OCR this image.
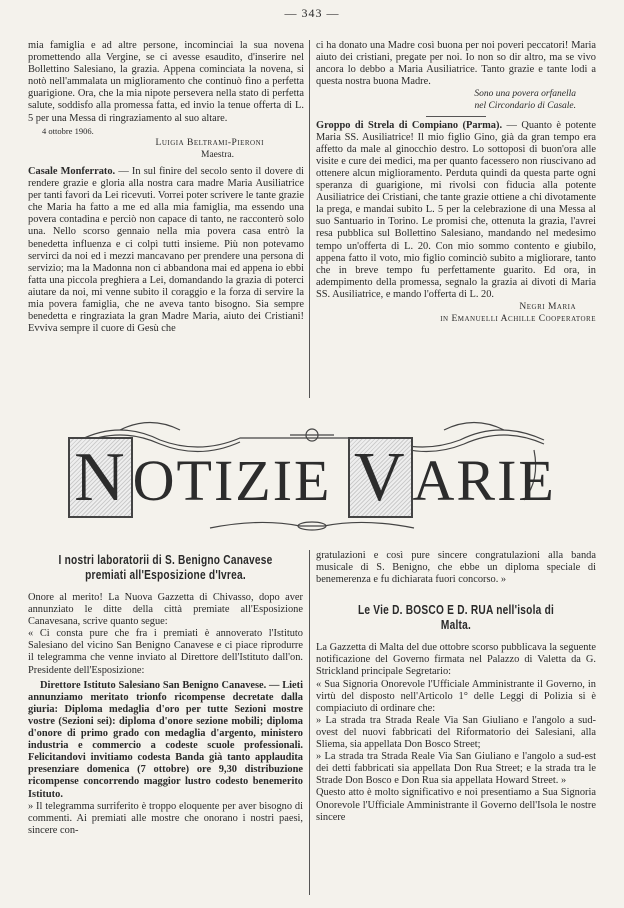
— 343 —

mia famiglia e ad altre persone, incominciai la sua novena promettendo alla Vergine, se ci avesse esaudito, d'inserire nel Bollettino Salesiano, la grazia. Appena cominciata la novena, si notò nell'ammalata un miglioramento che continuò fino a perfetta guarigione. Ora, che la mia nipote persevera nella stato di perfetta salute, soddisfo alla promessa fatta, ed invio la tenue offerta di L. 5 per una Messa di ringraziamento al suo altare.

4 ottobre 1906.
Luigia Beltrami-Pieroni
Maestra.

Casale Monferrato. — In sul finire del secolo sento il dovere di rendere grazie e gloria alla nostra cara madre Maria Ausiliatrice per tanti favori da Lei ricevuti. Vorrei poter scrivere le tante grazie che Maria ha fatto a me ed alla mia famiglia, ma essendo una povera contadina e perciò non capace di tanto, ne racconterò solo una. Nello scorso gennaio nella mia povera casa entrò la benedetta influenza e ci colpì tutti insieme. Più non potevamo servirci da noi ed i mezzi mancavano per prendere una persona di servizio; ma la Madonna non ci abbandona mai ed appena io ebbi fatta una piccola preghiera a Lei, domandando la grazia di poterci aiutare da noi, mi venne subito il coraggio e la forza di servire la mia povera famiglia, che ne aveva tanto bisogno. Sia sempre benedetta e ringraziata la gran Madre Maria, aiuto dei Cristiani! Evviva sempre il cuore di Gesù che

ci ha donato una Madre così buona per noi poveri peccatori! Maria aiuto dei cristiani, pregate per noi. Io non so dir altro, ma se vivo ancora lo debbo a Maria Ausiliatrice. Tanto grazie e tante lodi a questa nostra buona Madre.

Sono una povera orfanella
nel Circondario di Casale.

Groppo di Strela di Compiano (Parma). — Quanto è potente Maria SS. Ausiliatrice! Il mio figlio Gino, già da gran tempo era affetto da male al ginocchio destro. Lo sottoposi di buon'ora alle visite e cure dei medici, ma per quanto facessero non riuscivano ad ottenere alcun miglioramento. Perduta quindi da questa parte ogni speranza di guarigione, mi rivolsi con fiducia alla potente Ausiliatrice dei Cristiani, che tante grazie ottiene a chi divotamente la prega, e mandai subito L. 5 per la celebrazione di una Messa al suo Santuario in Torino. Le promisi che, ottenuta la grazia, l'avrei resa pubblica sul Bollettino Salesiano, mandando nel medesimo tempo un'offerta di L. 20. Con mio sommo contento e giubilo, appena fatto il voto, mio figlio cominciò subito a migliorare, tanto che in breve tempo fu perfettamente guarito. Ed ora, in adempimento della promessa, segnalo la grazia ai divoti di Maria SS. Ausiliatrice, e mando l'offerta di L. 20.

Negri Maria
in Emanuelli Achille Cooperatore
N OTIZIE V ARIE
I nostri laboratorii di S. Benigno Canavese
premiati all'Esposizione d'Ivrea.

Onore al merito! La Nuova Gazzetta di Chivasso, dopo aver annunziato le ditte della città premiate all'Esposizione Canavesana, scrive quanto segue:

« Ci consta pure che fra i premiati è annoverato l'Istituto Salesiano del vicino San Benigno Canavese e ci piace riprodurre il telegramma che venne inviato al Direttore dell'Istituto dall'on. Presidente dell'Esposizione:

Direttore Istituto Salesiano San Benigno Canavese. — Lieti annunziamo meritato trionfo ricompense decretate dalla giuria: Diploma medaglia d'oro per tutte Sezioni mostre vostre (Sezioni sei): diploma d'onore sezione mobili; diploma d'onore di primo grado con medaglia d'argento, ministero industria e commercio a codeste scuole professionali. Felicitandovi invitiamo codesta Banda già tanto applaudita presenziare domenica (7 ottobre) ore 9,30 distribuzione ricompense concorrendo maggior lustro codesto benemerito Istituto.

» Il telegramma surriferito è troppo eloquente per aver bisogno di commenti. Ai premiati alle mostre che onorano i nostri paesi, sincere con-

gratulazioni e così pure sincere congratulazioni alla banda musicale di S. Benigno, che ebbe un diploma speciale di benemerenza e fu dichiarata fuori concorso. »

Le Vie D. BOSCO E D. RUA nell'isola di Malta.

La Gazzetta di Malta del due ottobre scorso pubblicava la seguente notificazione del Governo firmata nel Palazzo di Valetta da G. Strickland principale Segretario:

« Sua Signoria Onorevole l'Ufficiale Amministrante il Governo, in virtù del disposto nell'Articolo 1° delle Leggi di Polizia si è compiaciuto di ordinare che:

» La strada tra Strada Reale Via San Giuliano e l'angolo a sud-ovest del nuovi fabbricati del Riformatorio dei Salesiani, alla Sliema, sia appellata Don Bosco Street;

» La strada tra Strada Reale Via San Giuliano e l'angolo a sud-est dei detti fabbricati sia appellata Don Rua Street; e la strada tra le Strade Don Bosco e Don Rua sia appellata Howard Street. »

Questo atto è molto significativo e noi presentiamo a Sua Signoria Onorevole l'Ufficiale Amministrante il Governo dell'Isola le nostre sincere
